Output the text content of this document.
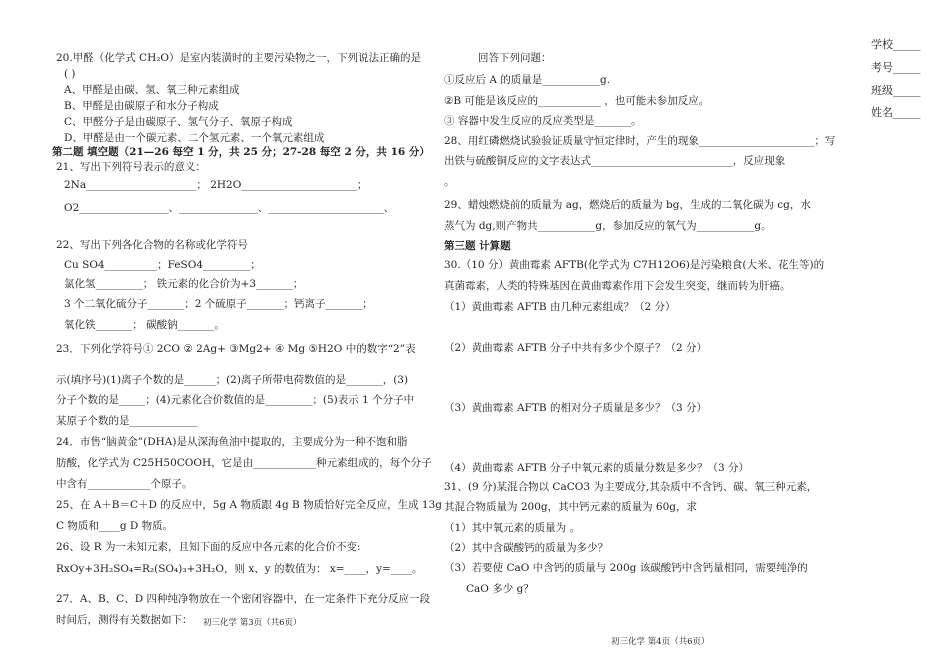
20.甲醛（化学式 CH₂O）是室内装潢时的主要污染物之一，下列说法正确的是
( )
A、甲醛是由碳、氢、氧三种元素组成
B、甲醛是由碳原子和水分子构成
C、甲醛分子是由碳原子、氢气分子、氧原子构成
D、甲醛是由一个碳元素、二个氢元素、一个氧元素组成
第二题 填空题（21—26 每空 1 分，共 25 分；27-28 每空 2 分，共 16 分）
21、写出下列符号表示的意义：
2Na_____________________； 2H2O______________________；
O2_________________、_______________、______________________、
22、写出下列各化合物的名称或化学符号
Cu SO4__________；FeSO4_________；
氯化氢_________； 铁元素的化合价为+3_______；
3 个二氧化硫分子_______；2 个硫原子_______；钙离子_______；
氧化铁_______； 碳酸钠_______。
23．下列化学符号① 2CO ② 2Ag+ ③Mg2+ ④ Mg ⑤H2O 中的数字“2”表
示(填序号)(1)离子个数的是______；(2)离子所带电荷数值的是_______，(3)
分子个数的是_____；(4)元素化合价数值的是_________；(5)表示 1 个分子中
某原子个数的是_____________
24．市售“脑黄金”(DHA)是从深海鱼油中提取的，主要成分为一种不饱和脂
肪酸，化学式为 C25H50COOH，它是由____________种元素组成的，每个分子
中含有____________个原子。
25、在 A＋B＝C＋D 的反应中，5g A 物质跟 4g B 物质恰好完全反应，生成 13g
C 物质和____g D 物质。
26、设 R 为一未知元素，且知下面的反应中各元素的化合价不变:
RxOy+3H₂SO₄=R₂(SO₄)₃+3H₂O，则 x、y 的数值为： x=____，y=____。
27．A、B、C、D 四种纯净物放在一个密闭容器中，在一定条件下充分反应一段
时间后，测得有关数据如下： 初三化学 第3页（共6页）
回答下列问题：
①反应后 A 的质量是___________g.
②B 可能是该反应的____________ ，也可能未参加反应。
③ 容器中发生反应的反应类型是_______。
28、用红磷燃烧试验验证质量守恒定律时，产生的现象______________________；写
出铁与硫酸铜反应的文字表达式___________________________，反应现象
。
29、蜡烛燃烧前的质量为 ag，燃烧后的质量为 bg，生成的二氧化碳为 cg，水
蒸气为 dg,则产物共___________g，参加反应的氧气为___________g。
第三题 计算题
30.（10 分）黄曲霉素 AFTB(化学式为 C7H12O6)是污染粮食(大米、花生等)的
真菌霉素，人类的特殊基因在黄曲霉素作用下会发生突变，继而转为肝癌。
（1）黄曲霉素 AFTB 由几种元素组成？（2 分）
（2）黄曲霉素 AFTB 分子中共有多少个原子？（2 分）
（3）黄曲霉素 AFTB 的相对分子质量是多少？（3 分）
（4）黄曲霉素 AFTB 分子中氧元素的质量分数是多少？（3 分）
31、(9 分)某混合物以 CaCO3 为主要成分,其杂质中不含钙、碳、氧三种元素，
其混合物质量为 200g，其中钙元素的质量为 60g，求
（1）其中氧元素的质量为 。
（2）其中含碳酸钙的质量为多少？
（3）若要使 CaO 中含钙的质量与 200g 该碳酸钙中含钙量相同，需要纯净的
CaO 多少 g？
初三化学 第4页（共6页）
学校_____
考号_____
班级_____
姓名_____
